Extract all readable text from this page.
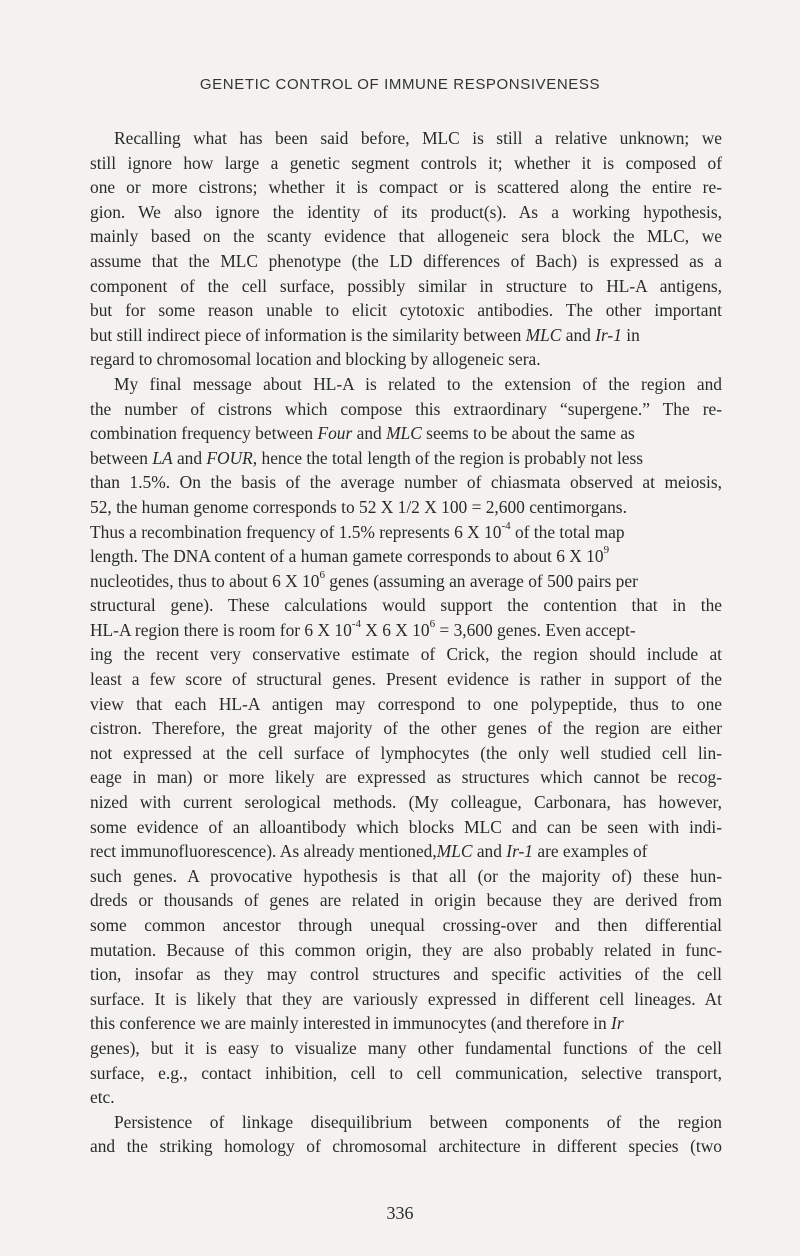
GENETIC CONTROL OF IMMUNE RESPONSIVENESS
Recalling what has been said before, MLC is still a relative unknown; we
still ignore how large a genetic segment controls it; whether it is composed of
one or more cistrons; whether it is compact or is scattered along the entire re-
gion. We also ignore the identity of its product(s). As a working hypothesis,
mainly based on the scanty evidence that allogeneic sera block the MLC, we
assume that the MLC phenotype (the LD differences of Bach) is expressed as a
component of the cell surface, possibly similar in structure to HL-A antigens,
but for some reason unable to elicit cytotoxic antibodies. The other important
but still indirect piece of information is the similarity between MLC and Ir-1 in
regard to chromosomal location and blocking by allogeneic sera.
My final message about HL-A is related to the extension of the region and
the number of cistrons which compose this extraordinary “supergene.” The re-
combination frequency between Four and MLC seems to be about the same as
between LA and FOUR, hence the total length of the region is probably not less
than 1.5%. On the basis of the average number of chiasmata observed at meiosis,
52, the human genome corresponds to 52 X 1/2 X 100 = 2,600 centimorgans.
Thus a recombination frequency of 1.5% represents 6 X $10^{-4}$ of the total map
length. The DNA content of a human gamete corresponds to about 6 X $10^9$
nucleotides, thus to about 6 X $10^6$ genes (assuming an average of 500 pairs per
structural gene). These calculations would support the contention that in the
HL-A region there is room for 6 X $10^{-4}$ X 6 X $10^6 = 3,600$ genes. Even accept-
ing the recent very conservative estimate of Crick, the region should include at
least a few score of structural genes. Present evidence is rather in support of the
view that each HL-A antigen may correspond to one polypeptide, thus to one
cistron. Therefore, the great majority of the other genes of the region are either
not expressed at the cell surface of lymphocytes (the only well studied cell lin-
eage in man) or more likely are expressed as structures which cannot be recog-
nized with current serological methods. (My colleague, Carbonara, has however,
some evidence of an alloantibody which blocks MLC and can be seen with indi-
rect immunofluorescence). As already mentioned,MLC and Ir-1 are examples of
such genes. A provocative hypothesis is that all (or the majority of) these hun-
dreds or thousands of genes are related in origin because they are derived from
some common ancestor through unequal crossing-over and then differential
mutation. Because of this common origin, they are also probably related in func-
tion, insofar as they may control structures and specific activities of the cell
surface. It is likely that they are variously expressed in different cell lineages. At
this conference we are mainly interested in immunocytes (and therefore in Ir
genes), but it is easy to visualize many other fundamental functions of the cell
surface, e.g., contact inhibition, cell to cell communication, selective transport,
etc.
Persistence of linkage disequilibrium between components of the region
and the striking homology of chromosomal architecture in different species (two
336
